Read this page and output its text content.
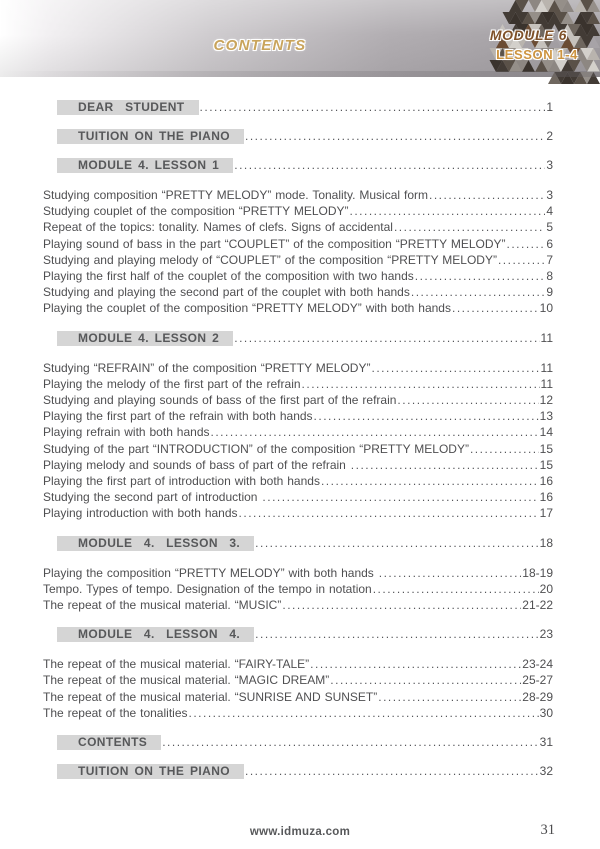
CONTENTS
MODULE 6
LESSON 1-4
DEAR  STUDENT .....	1
TUITION ON THE PIANO .....	2
MODULE 4. LESSON 1 .....	3
Studying composition “PRETTY MELODY” mode. Tonality. Musical form .....	3
Studying couplet of the composition “PRETTY MELODY” .....	4
Repeat of the topics: tonality. Names of clefs. Signs of accidental .....	5
Playing sound of bass in the part “COUPLET” of the composition “PRETTY MELODY” .....	6
Studying and playing melody of “COUPLET” of the composition “PRETTY MELODY” .....	7
Playing the first half of the couplet of the composition with two hands .....	8
Studying and playing the second part of the couplet with both hands .....	9
Playing the couplet of the composition “PRETTY MELODY” with both hands .....	10
MODULE 4. LESSON 2 .....	11
Studying “REFRAIN” of the composition “PRETTY MELODY” .....	11
Playing the melody of the first part of the refrain .....	11
Studying and playing sounds of bass of the first part of the refrain .....	12
Playing the first part of the refrain with both hands .....	13
Playing refrain with both hands .....	14
Studying of the part “INTRODUCTION” of the composition “PRETTY MELODY” .....	15
Playing melody and sounds of bass of part of the refrain .....	15
Playing the first part of introduction with both hands .....	16
Studying the second part of introduction .....	16
Playing introduction with both hands .....	17
MODULE  4.  LESSON  3. .....	18
Playing the composition “PRETTY MELODY” with both hands .....	18-19
Tempo. Types of tempo. Designation of the tempo in notation .....	20
The repeat of the musical material. “MUSIC” .....	21-22
MODULE  4.  LESSON  4. .....	23
The repeat of the musical material. “FAIRY-TALE” .....	23-24
The repeat of the musical material. “MAGIC DREAM” .....	25-27
The repeat of the musical material. “SUNRISE AND SUNSET” .....	28-29
The repeat of the tonalities .....	30
CONTENTS .....	31
TUITION ON THE PIANO .....	32
www.idmuza.com	31
